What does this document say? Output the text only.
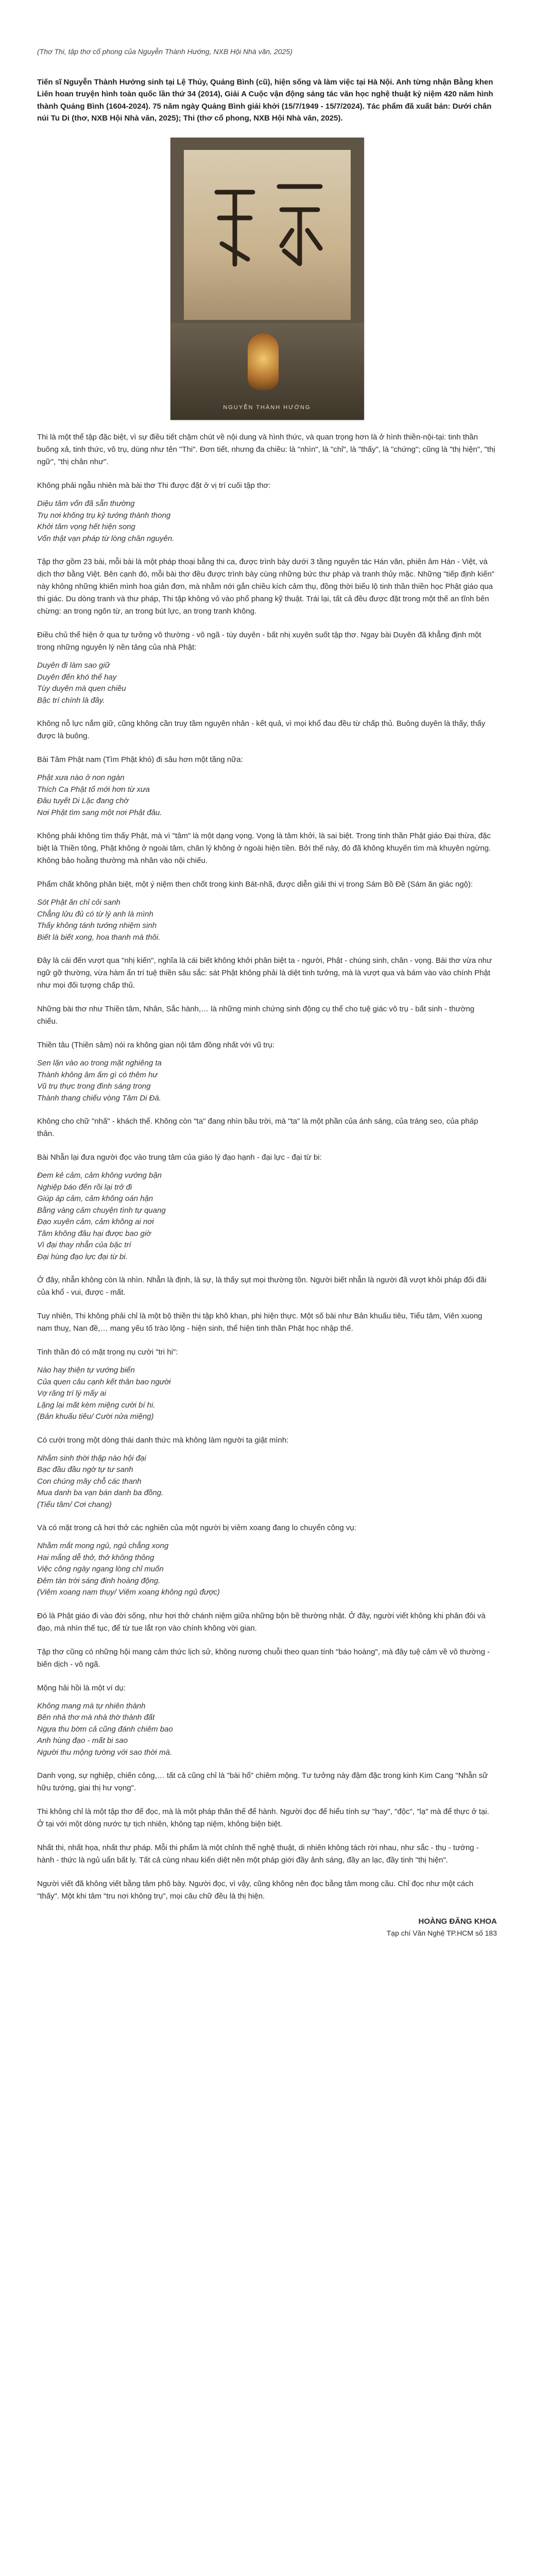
(Thơ Thi, tập thơ cổ phong của Nguyễn Thành Hướng, NXB Hội Nhà văn, 2025)

Tiến sĩ Nguyễn Thành Hướng sinh tại Lệ Thủy, Quảng Bình (cũ), hiện sống và làm việc tại Hà Nội. Anh từng nhận Bằng khen Liên hoan truyện hình toàn quốc lần thứ 34 (2014), Giải A Cuộc vận động sáng tác văn học nghệ thuật kỷ niệm 420 năm hình thành Quảng Bình (1604-2024). 75 năm ngày Quảng Bình giải khởi (15/7/1949 - 15/7/2024). Tác phẩm đã xuất bản: Dưới chân núi Tu Di (thơ, NXB Hội Nhà văn, 2025); Thi (thơ cổ phong, NXB Hội Nhà văn, 2025).

NGUYỄN THÀNH HƯỚNG

Thi là một thể tập đặc biệt, vì sự điều tiết chậm chút về nội dung và hình thức, và quan trọng hơn là ở hình thiền-nội-tại: tinh thần buông xả, tinh thức, vô trụ, dùng như tên "Thi". Đơn tiết, nhưng đa chiều: là "nhìn", là "chỉ", là "thấy", là "chứng"; cũng là "thị hiện", "thị ngữ", "thị chân như".

Không phải ngẫu nhiên mà bài thơ Thi được đặt ở vị trí cuối tập thơ:

Diệu tâm vốn đã sẵn thường
Trụ nơi không trụ kỷ tướng thành thong
Khởi tâm vọng hết hiện song
Vốn thật vạn pháp từ lòng chân nguyên.

Tập thơ gồm 23 bài, mỗi bài là một pháp thoại bằng thi ca, được trình bày dưới 3 tầng nguyên tác Hán văn, phiên âm Hán - Việt, và dịch thơ bằng Việt. Bên cạnh đó, mỗi bài thơ đều được trình bày cùng những bức thư pháp và tranh thủy mặc. Những "tiếp định kiến" này không những khiến mình hoa giản đơn, mà nhằm nới gắn chiều kích cảm thụ, đồng thời biểu lộ tinh thần thiền học Phật giáo qua thi giác. Du dòng tranh và thư pháp, Thi tập không vỏ vào phổ phang kỹ thuật. Trái lại, tất cả đều được đặt trong một thế an tĩnh bên chừng: an trong ngôn từ, an trong bút lực, an trong tranh không.

Điều chủ thể hiện ở qua tự tưởng vô thường - vô ngã - tùy duyên - bất nhị xuyên suốt tập thơ. Ngay bài Duyên đã khẳng định một trong những nguyên lý nền tảng của nhà Phật:

Duyên đi làm sao giữ
Duyên đến khó thể hay
Tùy duyên mà quen chiều
Bậc trí chính là đây.

Không nỗ lực nắm giữ, cũng không cần truy tầm nguyên nhân - kết quả, vì mọi khổ đau đều từ chấp thủ. Buông duyên là thấy, thấy được là buông.

Bài Tâm Phật nam (Tìm Phật khó) đi sâu hơn một tầng nữa:

Phật xưa nào ở non ngàn
Thích Ca Phật tổ mới hơn từ xưa
Đâu tuyết Di Lặc đang chờ
Nơi Phật tìm sang một nơi Phật đâu.

Không phải không tìm thấy Phật, mà vì "tâm" là một dạng vọng. Vọng là tâm khởi, là sai biệt. Trong tinh thần Phật giáo Đại thừa, đặc biệt là Thiền tông, Phật không ở ngoài tâm, chân lý không ở ngoài hiện tiền. Bởi thế này, đó đã không khuyến tìm mà khuyên ngừng. Không bảo hoằng thường mà nhân vào nội chiếu.

Phẩm chất không phân biệt, một ý niệm then chốt trong kinh Bát-nhã, được diễn giải thi vị trong Sám Bồ Đề (Sám ăn giác ngộ):

Sót Phật ăn chỉ cỏi sanh
Chẳng lửu đủ có từ lý anh là mình
Thấy không tánh tướng nhiệm sinh
Biết là biết xong, hoa thanh mà thôi.

Đây là cái đến vượt qua "nhị kiến", nghĩa là cái biết không khởi phân biệt ta - người, Phật - chúng sinh, chân - vọng. Bài thơ vừa như ngữ gỡ thường, vừa hàm ẩn trí tuệ thiền sâu sắc: sát Phật không phải là diệt tinh tưởng, mà là vượt qua và bám vào vào chính Phật như mọi đối tượng chấp thủ.

Những bài thơ như Thiền tâm, Nhân, Sắc hành,… là những minh chứng sinh động cụ thể cho tuệ giác vô trụ - bất sinh - thường chiếu.

Thiền tâu (Thiền sâm) nói ra không gian nội tâm đồng nhất với vũ trụ:

Sen lặn vào ao trong mặt nghiêng ta
Thành không âm ấm gì có thêm hư
Vũ trụ thực trong đình sáng trong
Thành thang chiếu vòng Tâm Di Đà.

Không cho chữ "nhấ" - khách thể. Không còn "ta" đang nhìn bầu trời, mà "ta" là một phần của ánh sáng, của tráng seo, của pháp thân.

Bài Nhẫn lại đưa người đọc vào trung tâm của giáo lý đạo hạnh - đại lực - đại từ bi:

Đem kẻ cảm, cảm không vướng bận
Nghiệp báo đến rồi lại trở đi
Giúp áp cảm, cảm không oán hận
Bằng vàng cảm chuyện tình tự quang
Đạo xuyên cảm, cảm không ai nơi
Tâm không đâu hại được bao giờ
Vì đại thay nhẫn của bậc trí
Đại hùng đạo lực đại từ bi.

Ở đây, nhẫn không còn là nhìn. Nhẫn là định, là sự, là thấy sụt mọi thường tồn. Người biết nhẫn là người đã vượt khỏi pháp đối đãi của khổ - vui, được - mất.

Tuy nhiên, Thi không phải chỉ là một bộ thiền thi tập khô khan, phi hiện thực. Một số bài như Bản khuấu tiêu, Tiểu tâm, Viên xuong nam thuỵ, Nan đề,… mang yếu tố trào lộng - hiện sinh, thể hiện tinh thần Phật học nhập thế.

Tinh thần đó có mặt trọng nụ cười "tri hi":

Nào hay thiện tự vướng biển
Của quen câu cạnh kết thân bao người
Vợ răng trí lý mấy ai
Lặng lại mất kèm miệng cười bí hi.
(Bản khuấu tiêu/ Cười nửa miệng)

Có cười trong một dòng thái danh thức mà không làm người ta giật mình:

Nhắm sinh thời thập nào hội đại
Bạc đầu đầu ngờ tự tư sanh
Con chúng mây chỗ các thanh
Mua danh ba vạn bán danh ba đồng.
(Tiểu tâm/ Cơi chang)

Và có mặt trong cả hơi thở các nghiên của một người bị viêm xoang đang lo chuyển công vụ:

Nhằm mắt mong ngủ, ngủ chẳng xong
Hai mắng dễ thở, thở không thông
Việc công ngày ngang lòng chỉ muốn
Đêm tàn trời sáng đinh hoàng động.
(Viêm xoang nam thụy/ Viêm xoang không ngủ được)

Đó là Phật giáo đi vào đời sống, như hơi thở chánh niệm giữa những bộn bề thường nhật. Ở đây, người viết không khi phân đôi và đạo, mà nhìn thế tục, để từ tue lắt rọn vào chính không vời gian.

Tập thơ cũng có những hội mang cảm thức lịch sử, không nương chuỗi theo quan tính "báo hoàng", mà đây tuệ cảm về vô thường - biến dịch - vô ngã.

Mộng hải hồi là một ví dụ:

Không mang mà tự nhiên thành
Bên nhà thơ mà nhà thờ thành đất
Ngựa thu bờm cả cũng đánh chiêm bao
Anh hùng đạo - mất bi sao
Người thu mộng tường với sao thời mà.

Danh vọng, sự nghiệp, chiến công,… tất cả cũng chỉ là "bài hổ" chiêm mộng. Tư tưởng này đậm đặc trong kinh Kim Cang "Nhẫn sữ hữu tướng, giai thị hư vọng".

Thi không chỉ là một tập thơ để đọc, mà là một pháp thân thể để hành. Người đọc để hiểu tính sự "hay", "độc", "lạ" mà để thực ở tại. Ở tại với một dòng nước tự tịch nhiên, không tạp niệm, không biện biệt.

Nhất thi, nhất họa, nhất thư pháp. Mỗi thi phẩm là một chỉnh thể nghệ thuật, di nhiên không tách rời nhau, như sắc - thụ - tướng - hành - thức là ngủ uẩn bất ly. Tất cả cùng nhau kiến diệt nên một pháp giới đầy ảnh sáng, đầy an lạc, đầy tinh "thị hiện".

Người viết đã không viết bằng tâm phô bày. Người đọc, vì vậy, cũng không nên đọc bằng tâm mong cầu. Chỉ đọc như một cách "thấy". Một khi tâm "tru nơi không trụ", mọi câu chữ đều là thị hiện.

HOÀNG ĐĂNG KHOA
Tạp chí Văn Nghệ TP.HCM số 183
